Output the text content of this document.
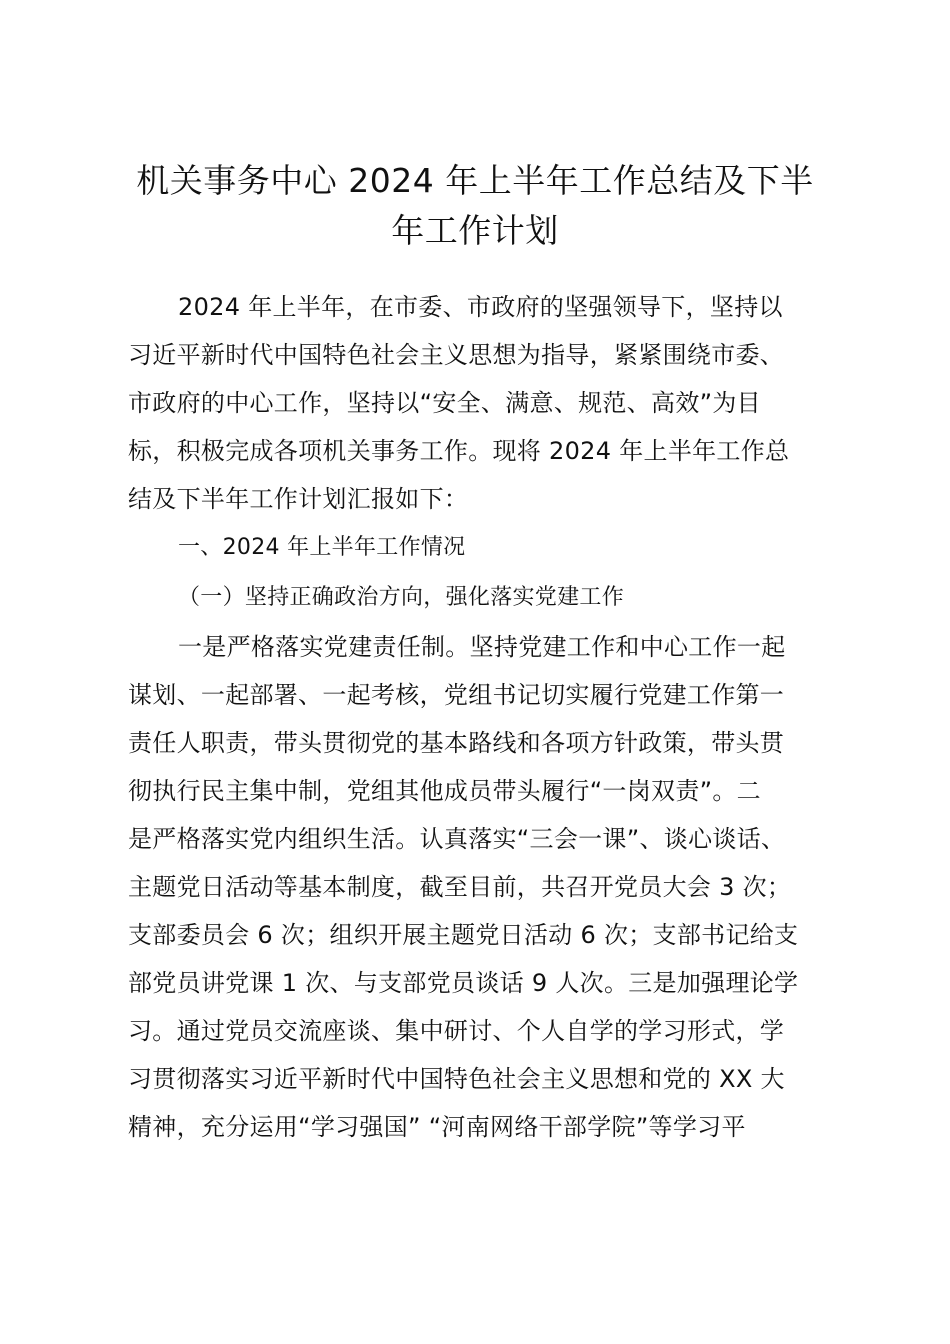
机关事务中心 2024 年上半年工作总结及下半
年工作计划
2024 年上半年，在市委、市政府的坚强领导下，坚持以
习近平新时代中国特色社会主义思想为指导，紧紧围绕市委、
市政府的中心工作，坚持以“安全、满意、规范、高效”为目
标，积极完成各项机关事务工作。现将 2024 年上半年工作总
结及下半年工作计划汇报如下：
一、2024 年上半年工作情况
（一）坚持正确政治方向，强化落实党建工作
一是严格落实党建责任制。坚持党建工作和中心工作一起
谋划、一起部署、一起考核，党组书记切实履行党建工作第一
责任人职责，带头贯彻党的基本路线和各项方针政策，带头贯
彻执行民主集中制，党组其他成员带头履行“一岗双责”。二
是严格落实党内组织生活。认真落实“三会一课”、谈心谈话、
主题党日活动等基本制度，截至目前，共召开党员大会 3 次；
支部委员会 6 次；组织开展主题党日活动 6 次；支部书记给支
部党员讲党课 1 次、与支部党员谈话 9 人次。三是加强理论学
习。通过党员交流座谈、集中研讨、个人自学的学习形式，学
习贯彻落实习近平新时代中国特色社会主义思想和党的 XX 大
精神，充分运用“学习强国” “河南网络干部学院”等学习平
